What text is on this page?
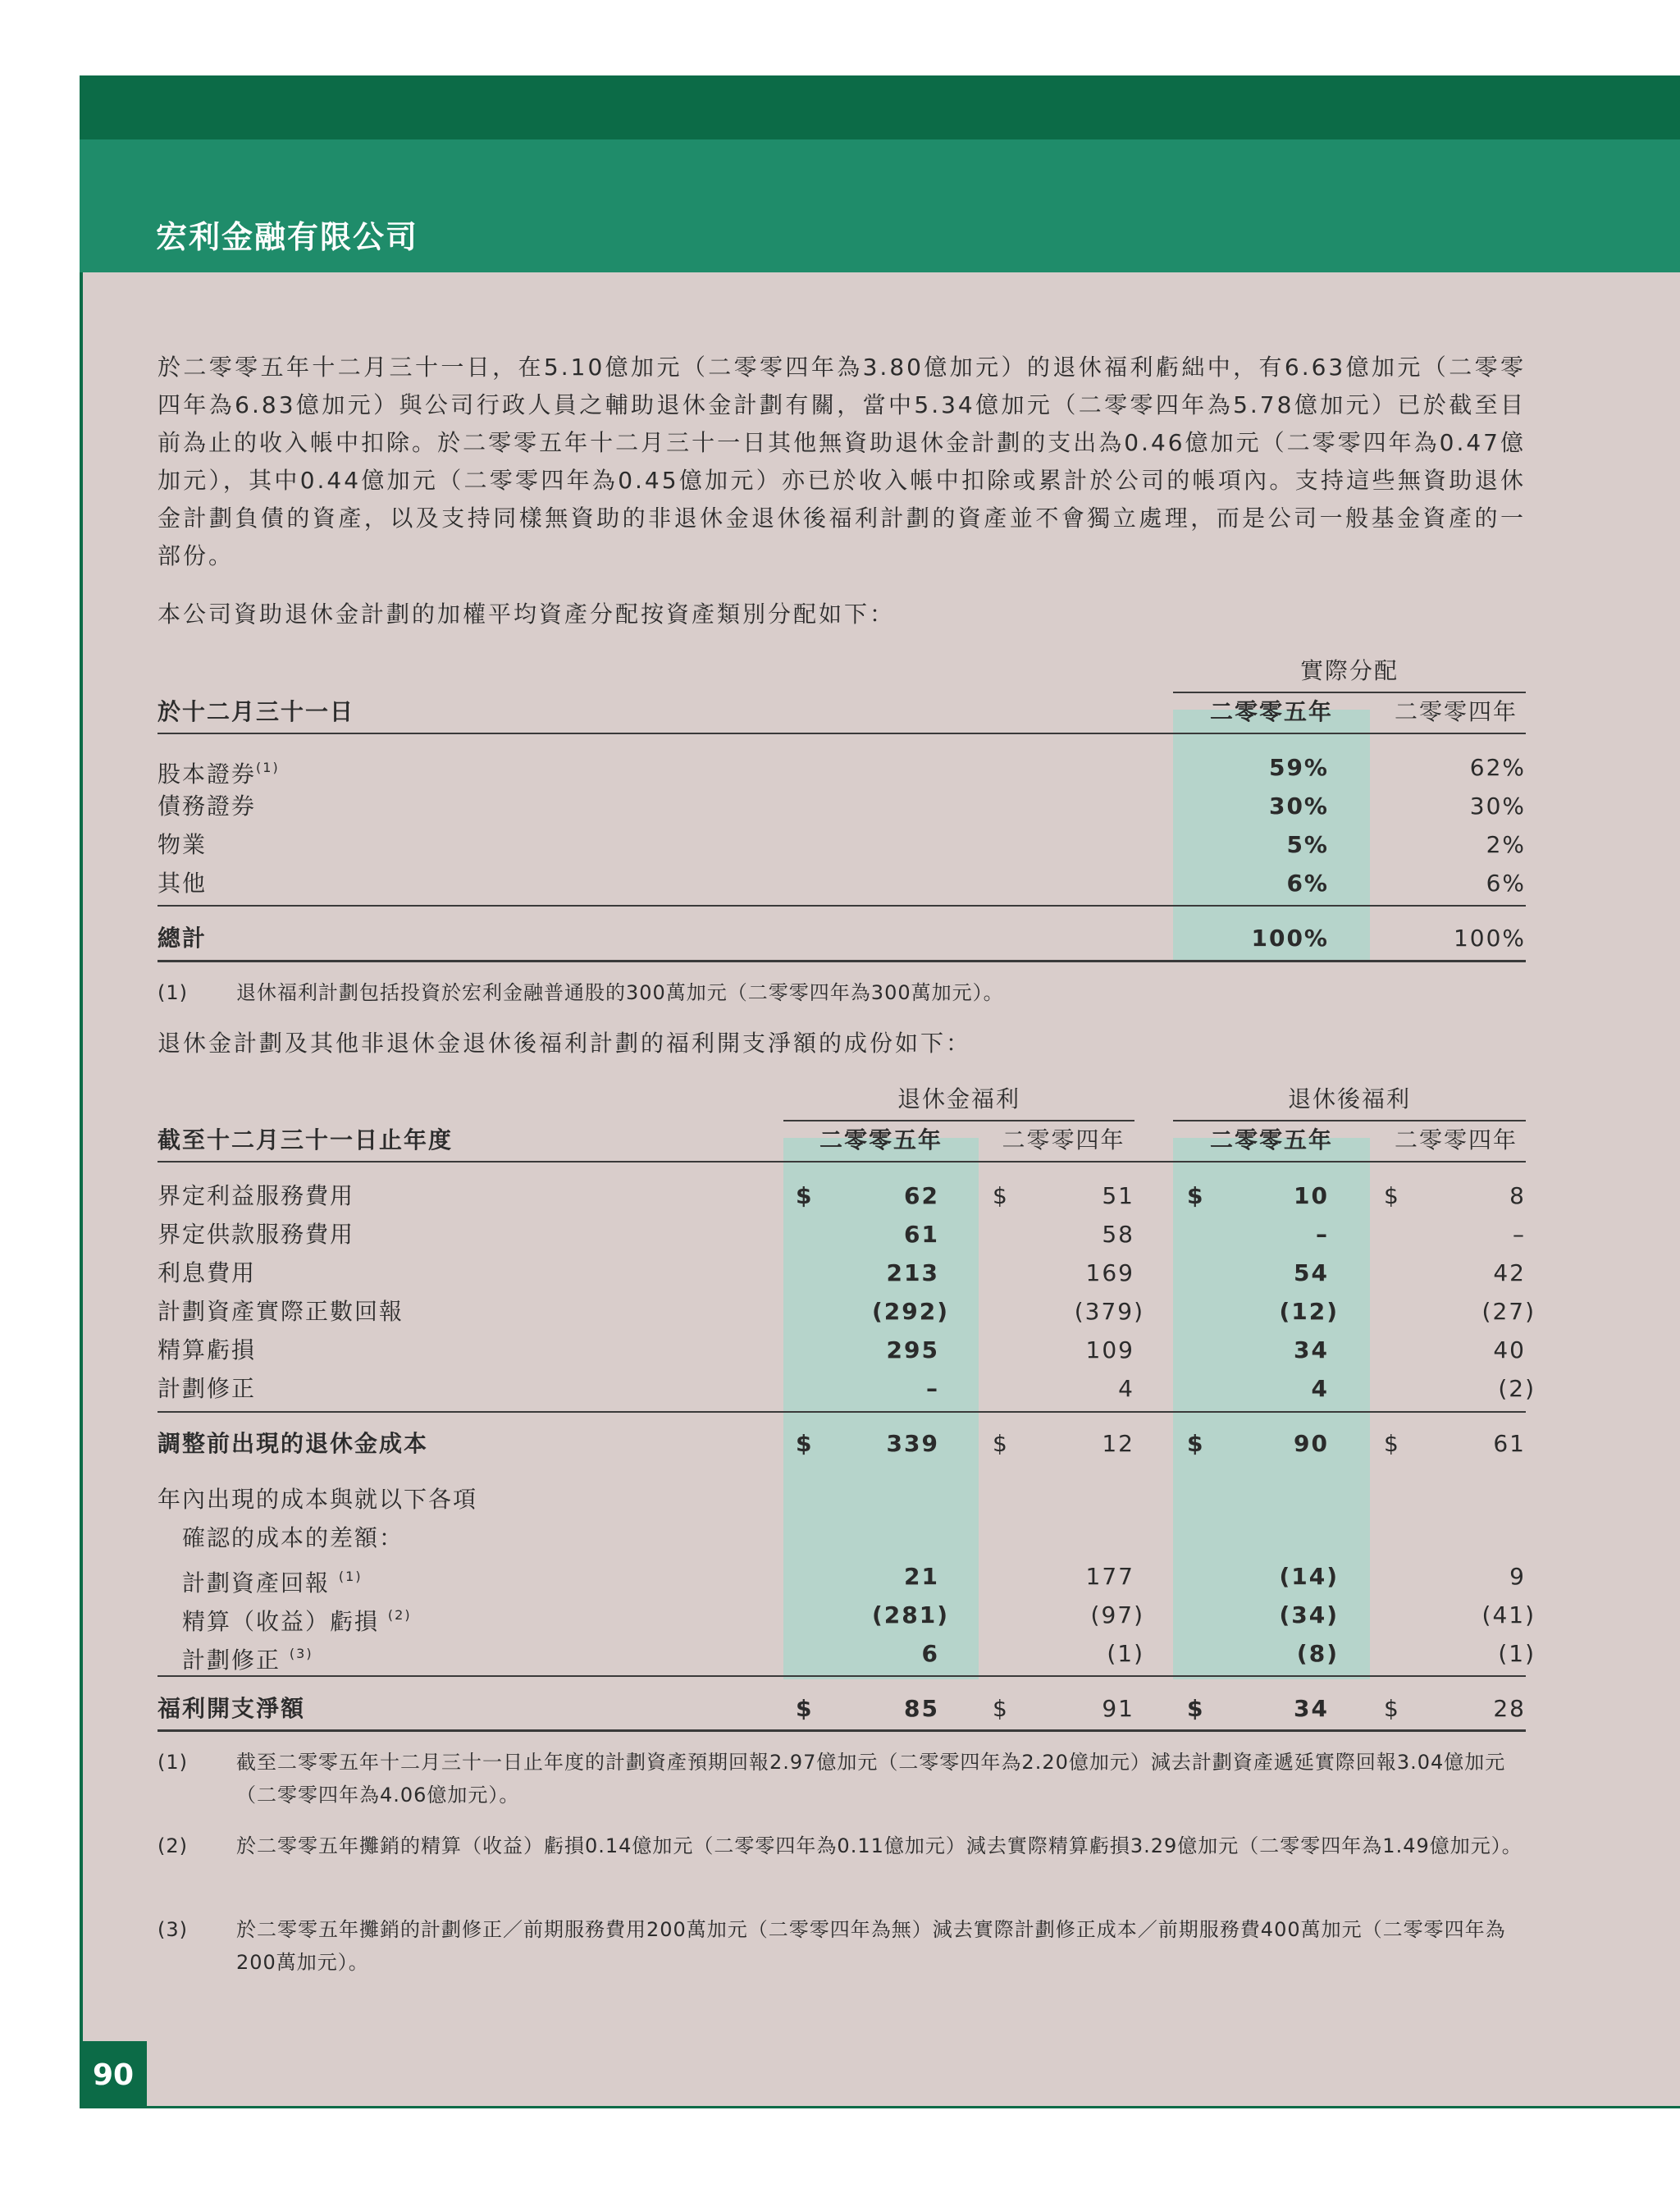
宏利金融有限公司
90

於二零零五年十二月三十一日，在5.10億加元（二零零四年為3.80億加元）的退休福利虧絀中，有6.63億加元（二零零四年為6.83億加元）與公司行政人員之輔助退休金計劃有關，當中5.34億加元（二零零四年為5.78億加元）已於截至目前為止的收入帳中扣除。於二零零五年十二月三十一日其他無資助退休金計劃的支出為0.46億加元（二零零四年為0.47億加元），其中0.44億加元（二零零四年為0.45億加元）亦已於收入帳中扣除或累計於公司的帳項內。支持這些無資助退休金計劃負債的資產，以及支持同樣無資助的非退休金退休後福利計劃的資產並不會獨立處理，而是公司一般基金資產的一部份。

本公司資助退休金計劃的加權平均資產分配按資產類別分配如下：

實際分配
於十二月三十一日	二零零五年	二零零四年
股本證券$^{(1)}$	59%	62%
債務證券	30%	30%
物業	5%	2%
其他	6%	6%
總計	100%	100%
(1) 退休福利計劃包括投資於宏利金融普通股的300萬加元（二零零四年為300萬加元）。
退休金計劃及其他非退休金退休後福利計劃的福利開支淨額的成份如下：
退休金福利	退休後福利
截至十二月三十一日止年度	二零零五年	二零零四年	二零零五年	二零零四年
界定利益服務費用	$	62 $	51 $	10 $	8
界定供款服務費用	61	58	–	–
利息費用	213	169	54	42
計劃資產實際正數回報	(292)	(379)	(12)	(27)
精算虧損	295	109	34	40
計劃修正	–	4	4	(2)
調整前出現的退休金成本	$	339 $	12 $	90 $	61
年內出現的成本與就以下各項
確認的成本的差額：
計劃資產回報 $^{(1)}$	21	177	(14)	9
精算（收益）虧損 $^{(2)}$	(281)	(97)	(34)	(41)
計劃修正 $^{(3)}$	6	(1)	(8)	(1)
福利開支淨額	$	85 $	91 $	34 $	28
(1) 截至二零零五年十二月三十一日止年度的計劃資產預期回報2.97億加元（二零零四年為2.20億加元）減去計劃資產遞延實際回報3.04億加元（二零零四年為4.06億加元）。
(2) 於二零零五年攤銷的精算（收益）虧損0.14億加元（二零零四年為0.11億加元）減去實際精算虧損3.29億加元（二零零四年為1.49億加元）。
(3) 於二零零五年攤銷的計劃修正／前期服務費用200萬加元（二零零四年為無）減去實際計劃修正成本／前期服務費400萬加元（二零零四年為200萬加元）。
